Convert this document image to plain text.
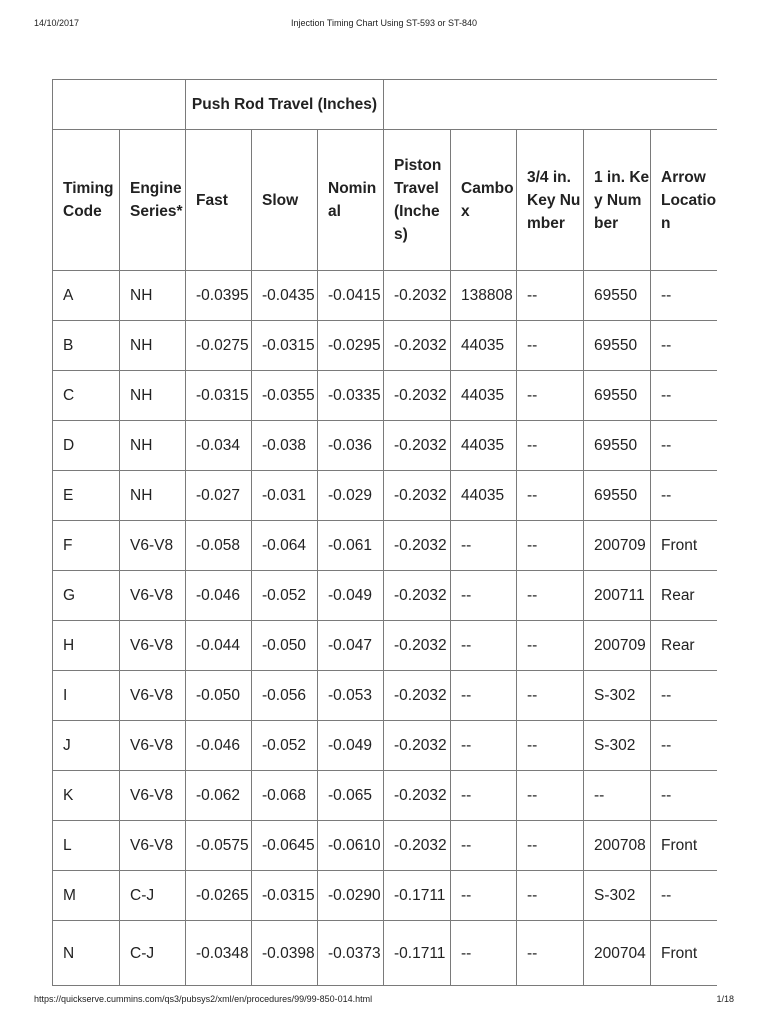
14/10/2017	Injection Timing Chart Using ST-593 or ST-840
		Push Rod Travel (Inches)							
Timing Code	Engine Series*	Fast	Slow	Nominal	Piston Travel (Inches)	Cambox	3/4 in. Key Number	1 in. Key Number	Arrow Location
A	NH	-0.0395	-0.0435	-0.0415	-0.2032	138808	--	69550	--
B	NH	-0.0275	-0.0315	-0.0295	-0.2032	44035	--	69550	--
C	NH	-0.0315	-0.0355	-0.0335	-0.2032	44035	--	69550	--
D	NH	-0.034	-0.038	-0.036	-0.2032	44035	--	69550	--
E	NH	-0.027	-0.031	-0.029	-0.2032	44035	--	69550	--
F	V6-V8	-0.058	-0.064	-0.061	-0.2032	--	--	200709	Front
G	V6-V8	-0.046	-0.052	-0.049	-0.2032	--	--	200711	Rear
H	V6-V8	-0.044	-0.050	-0.047	-0.2032	--	--	200709	Rear
I	V6-V8	-0.050	-0.056	-0.053	-0.2032	--	--	S-302	--
J	V6-V8	-0.046	-0.052	-0.049	-0.2032	--	--	S-302	--
K	V6-V8	-0.062	-0.068	-0.065	-0.2032	--	--	--	--
L	V6-V8	-0.0575	-0.0645	-0.0610	-0.2032	--	--	200708	Front
M	C-J	-0.0265	-0.0315	-0.0290	-0.1711	--	--	S-302	--
N	C-J	-0.0348	-0.0398	-0.0373	-0.1711	--	--	200704	Front
https://quickserve.cummins.com/qs3/pubsys2/xml/en/procedures/99/99-850-014.html	1/18
